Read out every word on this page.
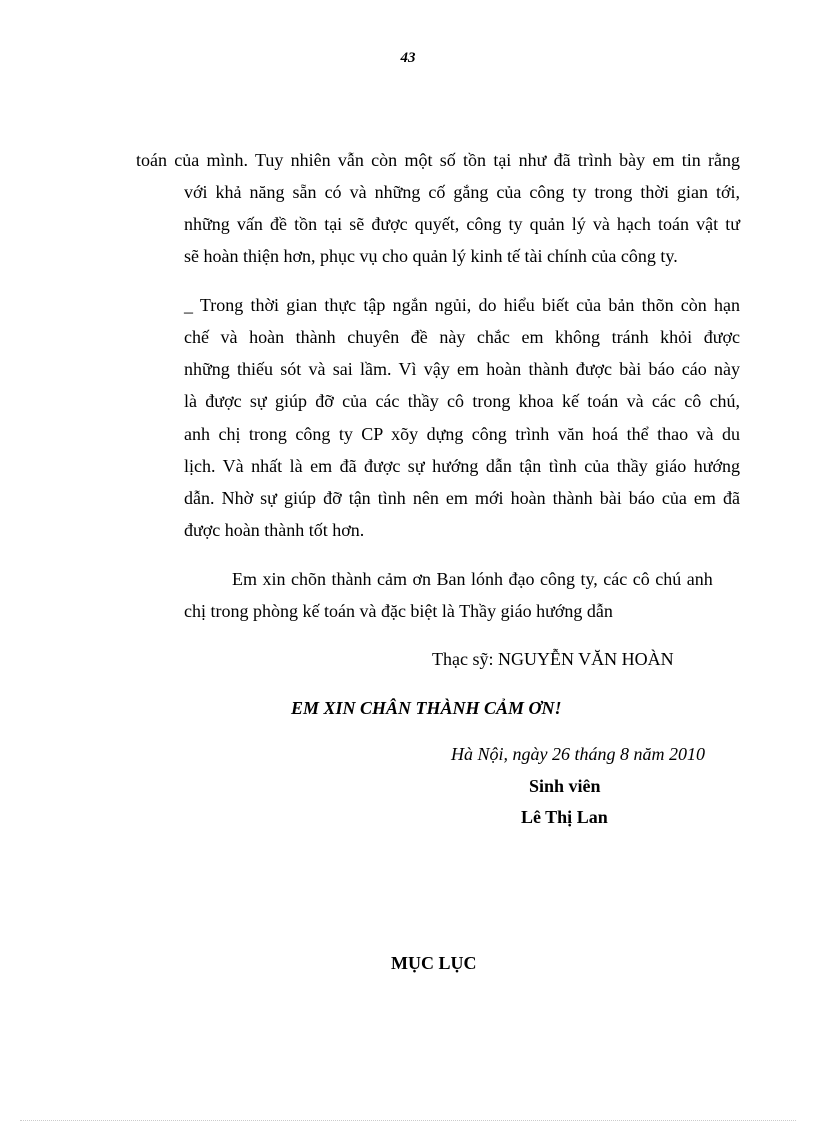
43
toán của mình. Tuy nhiên vẫn còn một số tồn tại như đã trình bày em tin rằng
với khả năng sẵn có và những cố gắng của công ty trong thời gian tới,
những vấn đề tồn tại sẽ được quyết, công ty quản lý và hạch toán vật tư
sẽ hoàn thiện hơn, phục vụ cho quản lý kinh tế tài chính của công ty.
_ Trong thời gian thực tập ngắn ngủi, do hiểu biết của bản thõn còn hạn
chế và hoàn thành chuyên đề này chắc em không tránh khỏi được
những thiếu sót và sai lầm. Vì vậy em hoàn thành được bài báo cáo này
là được sự giúp đỡ của các thầy cô trong khoa kế toán và các cô chú,
anh chị trong công ty CP xõy dựng công trình văn hoá thể thao và du
lịch. Và nhất là em đã được sự hướng dẫn tận tình của thầy giáo hướng
dẫn. Nhờ sự giúp đỡ tận tình nên em mới hoàn thành bài báo của em đã
được hoàn thành tốt hơn.
Em xin chõn thành cảm ơn Ban lónh đạo công ty, các cô chú anh
chị trong phòng kế toán và đặc biệt là Thầy giáo hướng dẫn
Thạc sỹ: NGUYỄN VĂN HOÀN
EM XIN CHÂN THÀNH CẢM ƠN!
Hà Nội, ngày 26 tháng 8 năm 2010
Sinh viên
Lê Thị Lan
MỤC LỤC
